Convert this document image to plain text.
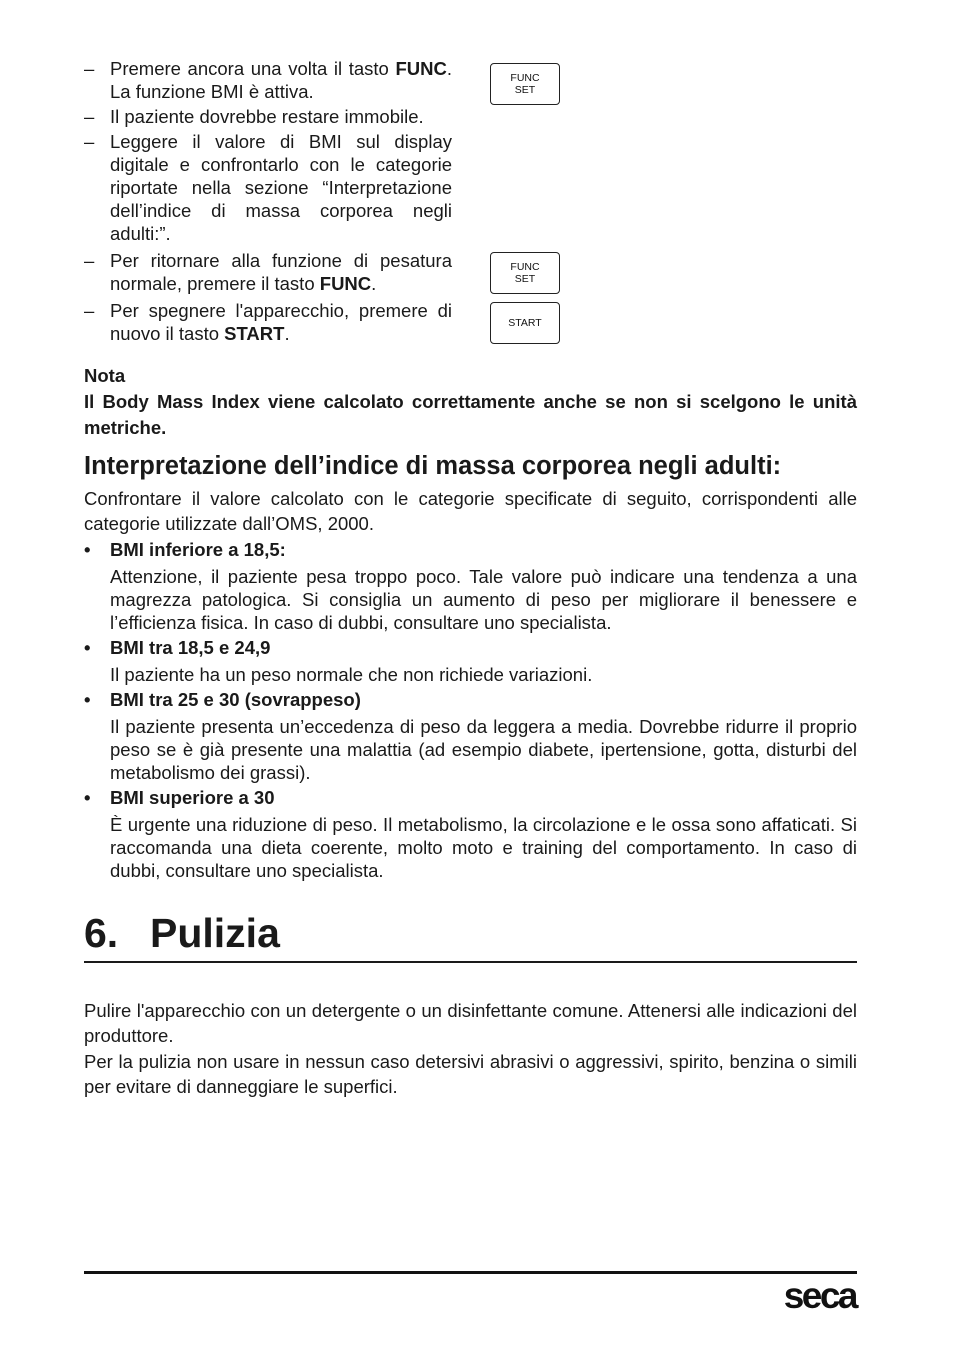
– Premere ancora una volta il tasto FUNC. La funzione BMI è attiva.
– Il paziente dovrebbe restare immobile.
– Leggere il valore di BMI sul display digitale e confrontarlo con le categorie riportate nella sezione “Interpretazione dell’indice di massa corporea negli adulti:”.
– Per ritornare alla funzione di pesatura normale, premere il tasto FUNC.
– Per spegnere l'apparecchio, premere di nuovo il tasto START.
FUNC
SET
FUNC
SET
START
Nota
Il Body Mass Index viene calcolato correttamente anche se non si scelgono le unità metriche.
Interpretazione dell’indice di massa corporea negli adulti:

Confrontare il valore calcolato con le categorie specificate di seguito, corrispondenti alle categorie utilizzate dall’OMS, 2000.

• BMI inferiore a 18,5:
Attenzione, il paziente pesa troppo poco. Tale valore può indicare una tendenza a una magrezza patologica. Si consiglia un aumento di peso per migliorare il benessere e l’efficienza fisica. In caso di dubbi, consultare uno specialista.
• BMI tra 18,5 e 24,9
Il paziente ha un peso normale che non richiede variazioni.
• BMI tra 25 e 30 (sovrappeso)
Il paziente presenta un’eccedenza di peso da leggera a media. Dovrebbe ridurre il proprio peso se è già presente una malattia (ad esempio diabete, ipertensione, gotta, disturbi del metabolismo dei grassi).
• BMI superiore a 30
È urgente una riduzione di peso. Il metabolismo, la circolazione e le ossa sono affaticati. Si raccomanda una dieta coerente, molto moto e training del comportamento. In caso di dubbi, consultare uno specialista.
6. Pulizia

Pulire l'apparecchio con un detergente o un disinfettante comune. Attenersi alle indicazioni del produttore.

Per la pulizia non usare in nessun caso detersivi abrasivi o aggressivi, spirito, benzina o simili per evitare di danneggiare le superfici.

seca
